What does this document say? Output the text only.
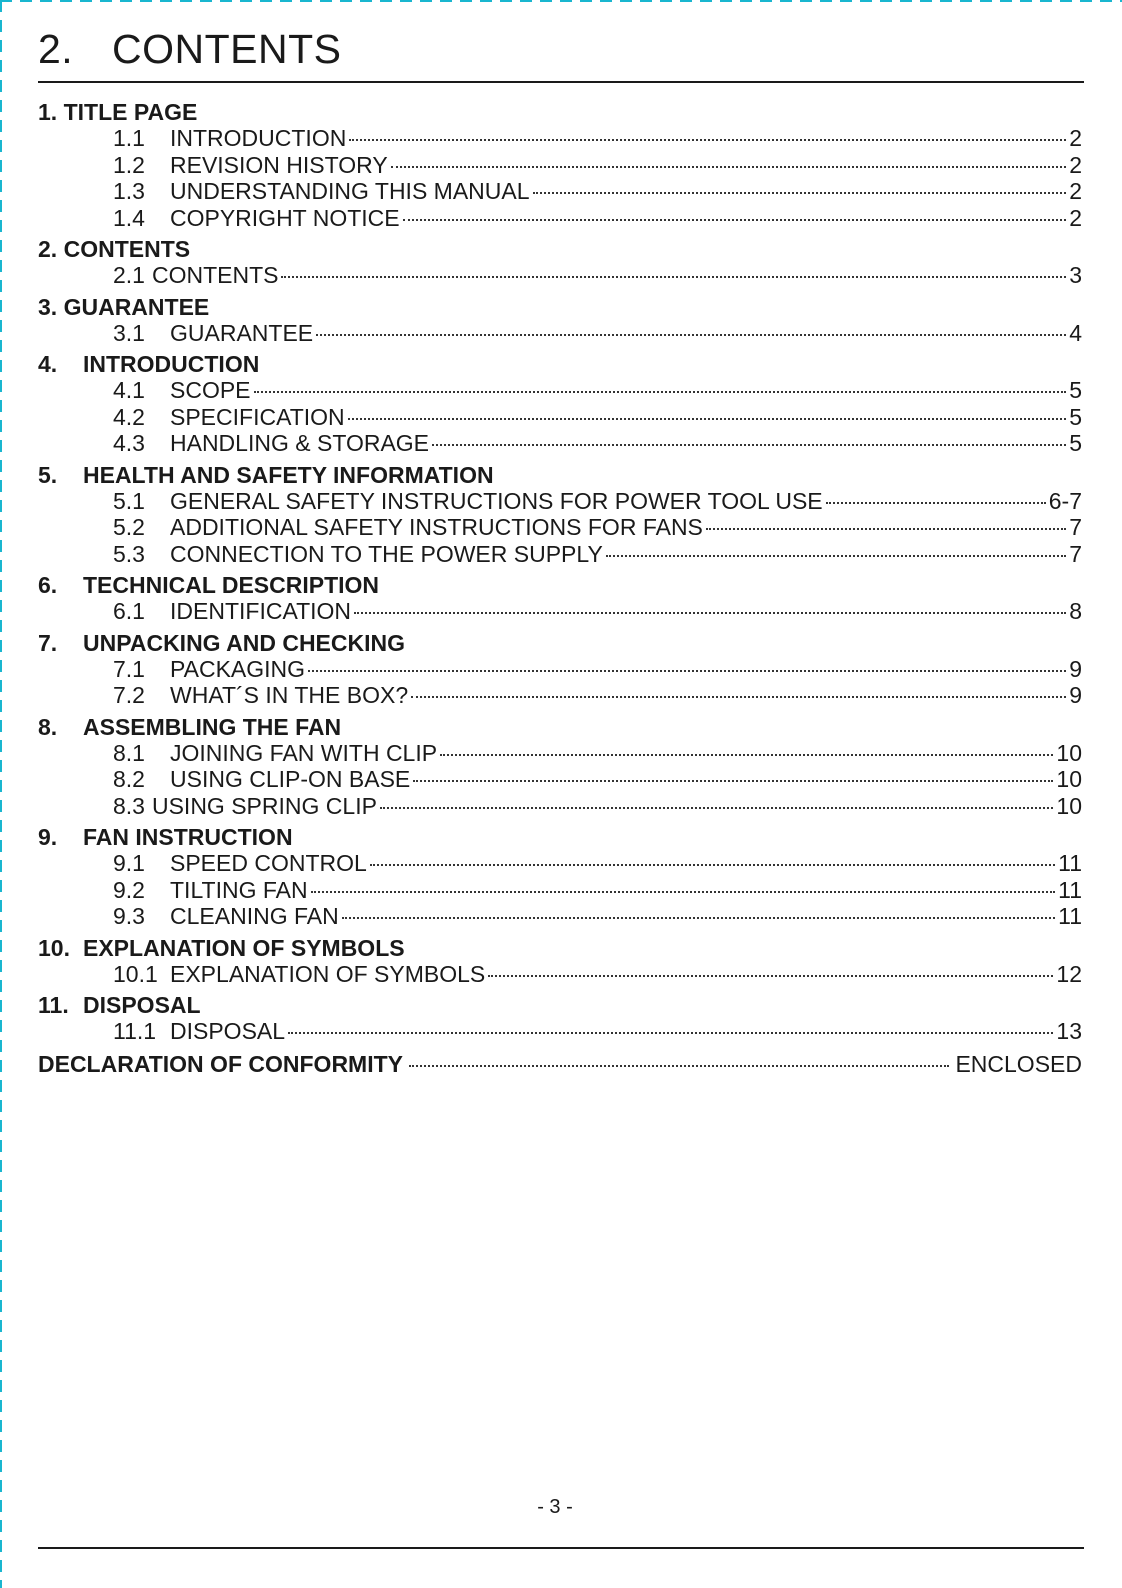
2. CONTENTS
1. TITLE PAGE
1.1	INTRODUCTION	2
1.2	REVISION HISTORY	2
1.3	UNDERSTANDING THIS MANUAL	2
1.4	COPYRIGHT NOTICE	2
2. CONTENTS
2.1 CONTENTS	3
3. GUARANTEE
3.1	GUARANTEE	4
4. INTRODUCTION
4.1	SCOPE	5
4.2	SPECIFICATION	5
4.3	HANDLING & STORAGE	5
5. HEALTH AND SAFETY INFORMATION
5.1	GENERAL SAFETY INSTRUCTIONS FOR POWER TOOL USE	6-7
5.2	ADDITIONAL SAFETY INSTRUCTIONS FOR FANS	7
5.3	CONNECTION TO THE POWER SUPPLY	7
6. TECHNICAL DESCRIPTION
6.1	IDENTIFICATION	8
7. UNPACKING AND CHECKING
7.1	PACKAGING	9
7.2	WHAT´S IN THE BOX?	9
8. ASSEMBLING THE FAN
8.1	JOINING FAN WITH CLIP	10
8.2	USING CLIP-ON BASE	10
8.3 USING SPRING CLIP	10
9. FAN INSTRUCTION
9.1	SPEED CONTROL	11
9.2	TILTING FAN	11
9.3	CLEANING FAN	11
10. EXPLANATION OF SYMBOLS
10.1 EXPLANATION OF SYMBOLS	12
11. DISPOSAL
11.1 DISPOSAL	13
DECLARATION OF CONFORMITY	ENCLOSED
- 3 -
